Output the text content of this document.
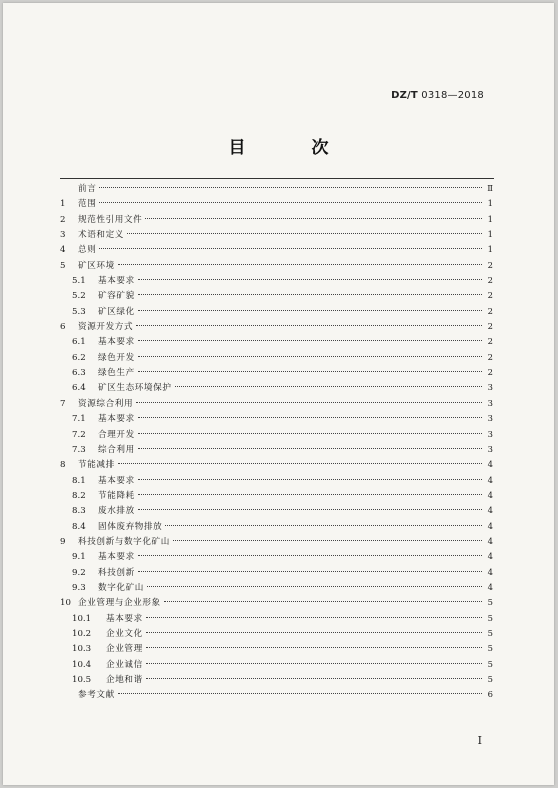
DZ/T 0318—2018
目 次
前言	Ⅱ
1	范围	1
2	规范性引用文件	1
3	术语和定义	1
4	总则	1
5	矿区环境	2
5.1	基本要求	2
5.2	矿容矿貌	2
5.3	矿区绿化	2
6	资源开发方式	2
6.1	基本要求	2
6.2	绿色开发	2
6.3	绿色生产	2
6.4	矿区生态环境保护	3
7	资源综合利用	3
7.1	基本要求	3
7.2	合理开发	3
7.3	综合利用	3
8	节能减排	4
8.1	基本要求	4
8.2	节能降耗	4
8.3	废水排放	4
8.4	固体废弃物排放	4
9	科技创新与数字化矿山	4
9.1	基本要求	4
9.2	科技创新	4
9.3	数字化矿山	4
10 企业管理与企业形象	5
10.1	基本要求	5
10.2	企业文化	5
10.3	企业管理	5
10.4	企业诚信	5
10.5	企地和谐	5
参考文献	6
Ⅰ
